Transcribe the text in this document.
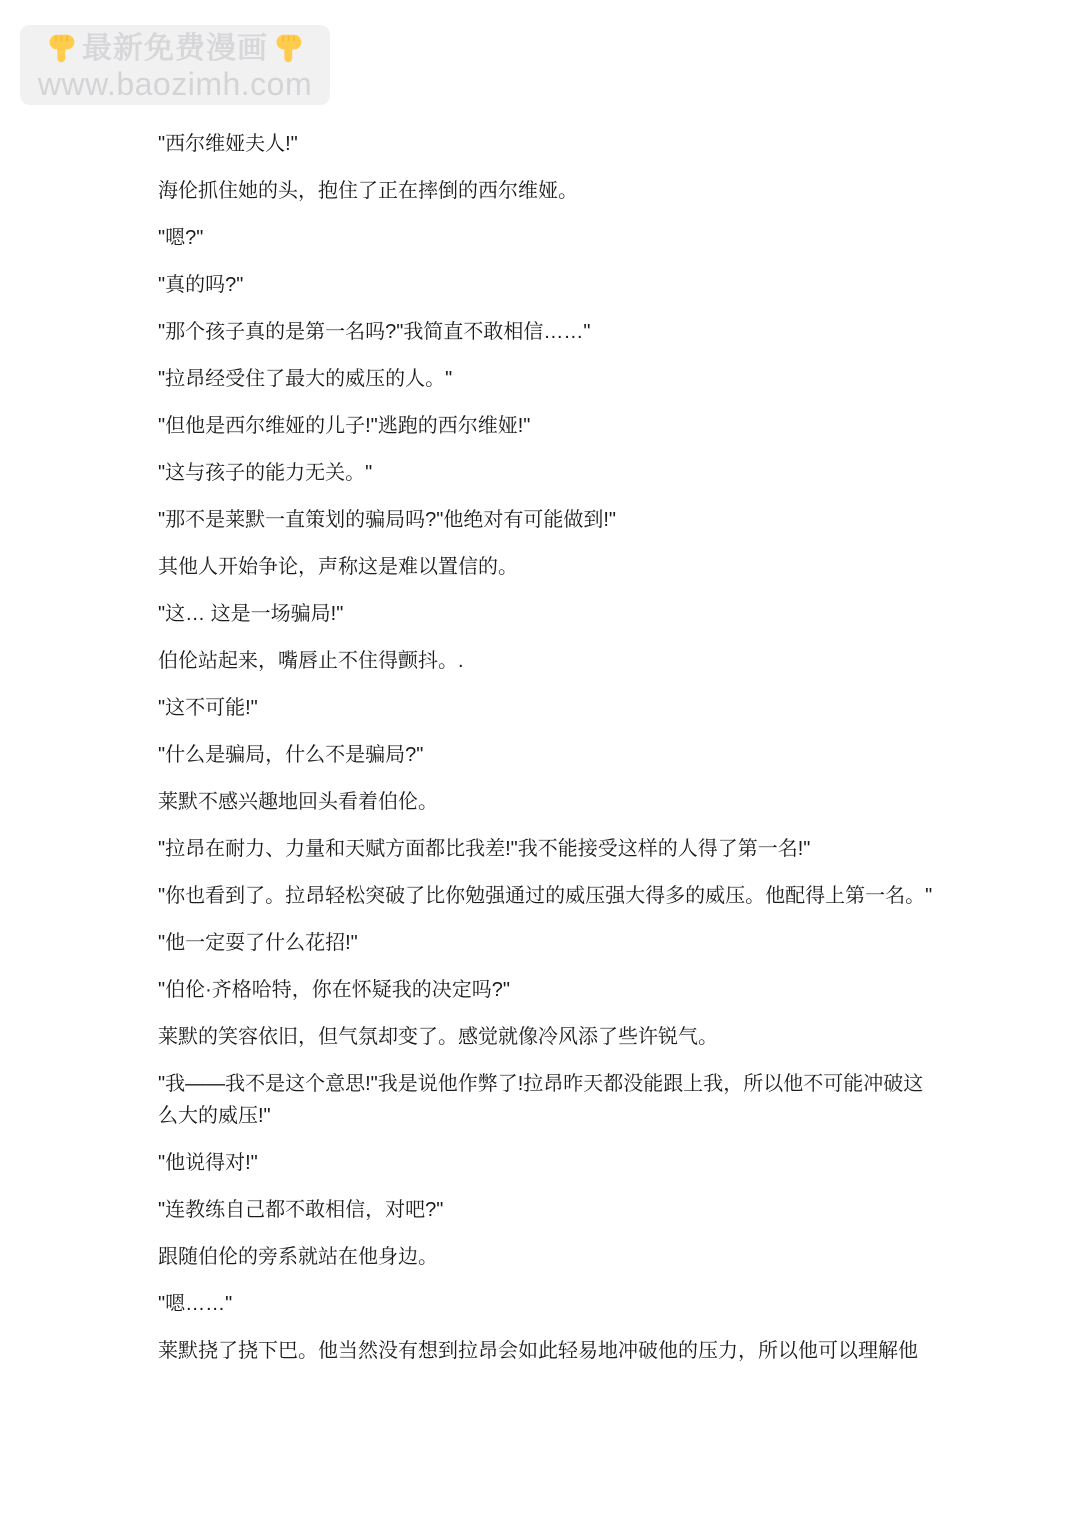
最新免费漫画
www.baozimh.com

"西尔维娅夫人!"

海伦抓住她的头，抱住了正在摔倒的西尔维娅。

"嗯?"

"真的吗?"

"那个孩子真的是第一名吗?"我简直不敢相信……"

"拉昂经受住了最大的威压的人。"

"但他是西尔维娅的儿子!"逃跑的西尔维娅!"

"这与孩子的能力无关。"

"那不是莱默一直策划的骗局吗?"他绝对有可能做到!"

其他人开始争论，声称这是难以置信的。

"这… 这是一场骗局!"

伯伦站起来，嘴唇止不住得颤抖。.

"这不可能!"

"什么是骗局，什么不是骗局?"

莱默不感兴趣地回头看着伯伦。

"拉昂在耐力、力量和天赋方面都比我差!"我不能接受这样的人得了第一名!"

"你也看到了。拉昂轻松突破了比你勉强通过的威压强大得多的威压。他配得上第一名。"

"他一定耍了什么花招!"

"伯伦·齐格哈特，你在怀疑我的决定吗?"

莱默的笑容依旧，但气氛却变了。感觉就像冷风添了些许锐气。

"我――我不是这个意思!"我是说他作弊了!拉昂昨天都没能跟上我，所以他不可能冲破这么大的威压!"

"他说得对!"

"连教练自己都不敢相信，对吧?"

跟随伯伦的旁系就站在他身边。

"嗯……"

莱默挠了挠下巴。他当然没有想到拉昂会如此轻易地冲破他的压力，所以他可以理解他
